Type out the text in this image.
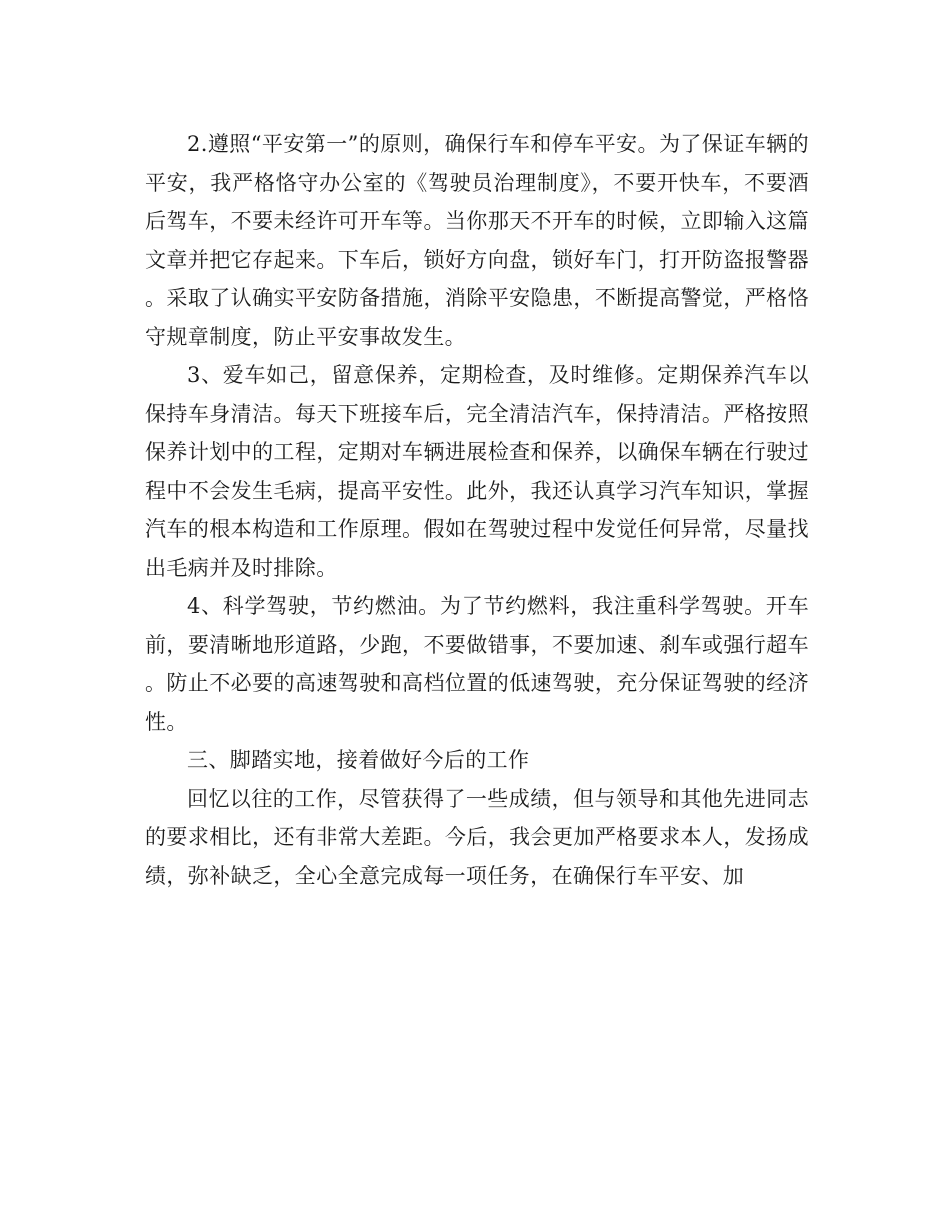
2.遵照“平安第一”的原则，确保行车和停车平安。为了保证车辆的平安，我严格恪守办公室的《驾驶员治理制度》，不要开快车，不要酒后驾车，不要未经许可开车等。当你那天不开车的时候，立即输入这篇文章并把它存起来。下车后，锁好方向盘，锁好车门，打开防盗报警器。采取了认确实平安防备措施，消除平安隐患，不断提高警觉，严格恪守规章制度，防止平安事故发生。

3、爱车如己，留意保养，定期检查，及时维修。定期保养汽车以保持车身清洁。每天下班接车后，完全清洁汽车，保持清洁。严格按照保养计划中的工程，定期对车辆进展检查和保养，以确保车辆在行驶过程中不会发生毛病，提高平安性。此外，我还认真学习汽车知识，掌握汽车的根本构造和工作原理。假如在驾驶过程中发觉任何异常，尽量找出毛病并及时排除。

4、科学驾驶，节约燃油。为了节约燃料，我注重科学驾驶。开车前，要清晰地形道路，少跑，不要做错事，不要加速、刹车或强行超车。防止不必要的高速驾驶和高档位置的低速驾驶，充分保证驾驶的经济性。

三、脚踏实地，接着做好今后的工作

回忆以往的工作，尽管获得了一些成绩，但与领导和其他先进同志的要求相比，还有非常大差距。今后，我会更加严格要求本人，发扬成绩，弥补缺乏，全心全意完成每一项任务，在确保行车平安、加
